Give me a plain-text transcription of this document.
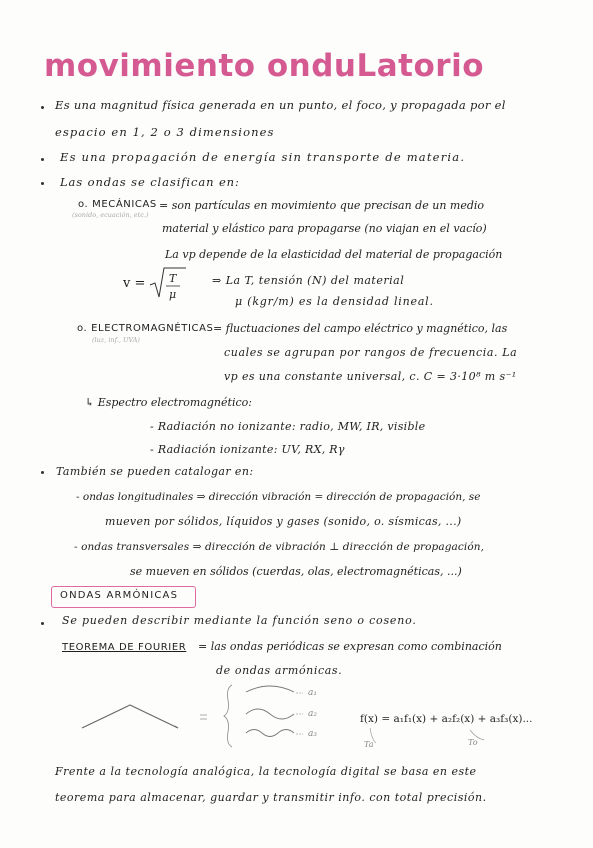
movimiento onduLatorio
Es una magnitud física generada en un punto, el foco, y propagada por el
espacio en 1, 2 o 3 dimensiones
Es una propagación de energía sin transporte de materia.
Las ondas se clasifican en:
o. MECÁNICAS
(sonido, ecuación, etc.)
= son partículas en movimiento que precisan de un medio
material y elástico para propagarse (no viajan en el vacío)
La vp depende de la elasticidad del material de propagación
v = T
μ
⇒ La T, tensión (N) del material
μ (kgr/m) es la densidad lineal.
o. ELECTROMAGNÉTICAS
(luz, inf., UVA)
= fluctuaciones del campo eléctrico y magnético, las
cuales se agrupan por rangos de frecuencia. La
vp es una constante universal, c. C = 3·10⁸ m s⁻¹
↳ Espectro electromagnético:
- Radiación no ionizante: radio, MW, IR, visible
- Radiación ionizante: UV, RX, Rγ
También se pueden catalogar en:
- ondas longitudinales ⇒ dirección vibración = dirección de propagación, se
mueven por sólidos, líquidos y gases (sonido, o. sísmicas, ...)
- ondas transversales ⇒ dirección de vibración ⊥ dirección de propagación,
se mueven en sólidos (cuerdas, olas, electromagnéticas, ...)
ONDAS ARMÓNICAS
Se pueden describir mediante la función seno o coseno.
TEOREMA DE FOURIER = las ondas periódicas se expresan como combinación
de ondas armónicas.
a₁
a₂
a₃
f(x) = a₁f₁(x) + a₂f₂(x) + a₃f₃(x)...
Ta	To
Frente a la tecnología analógica, la tecnología digital se basa en este
teorema para almacenar, guardar y transmitir info. con total precisión.
